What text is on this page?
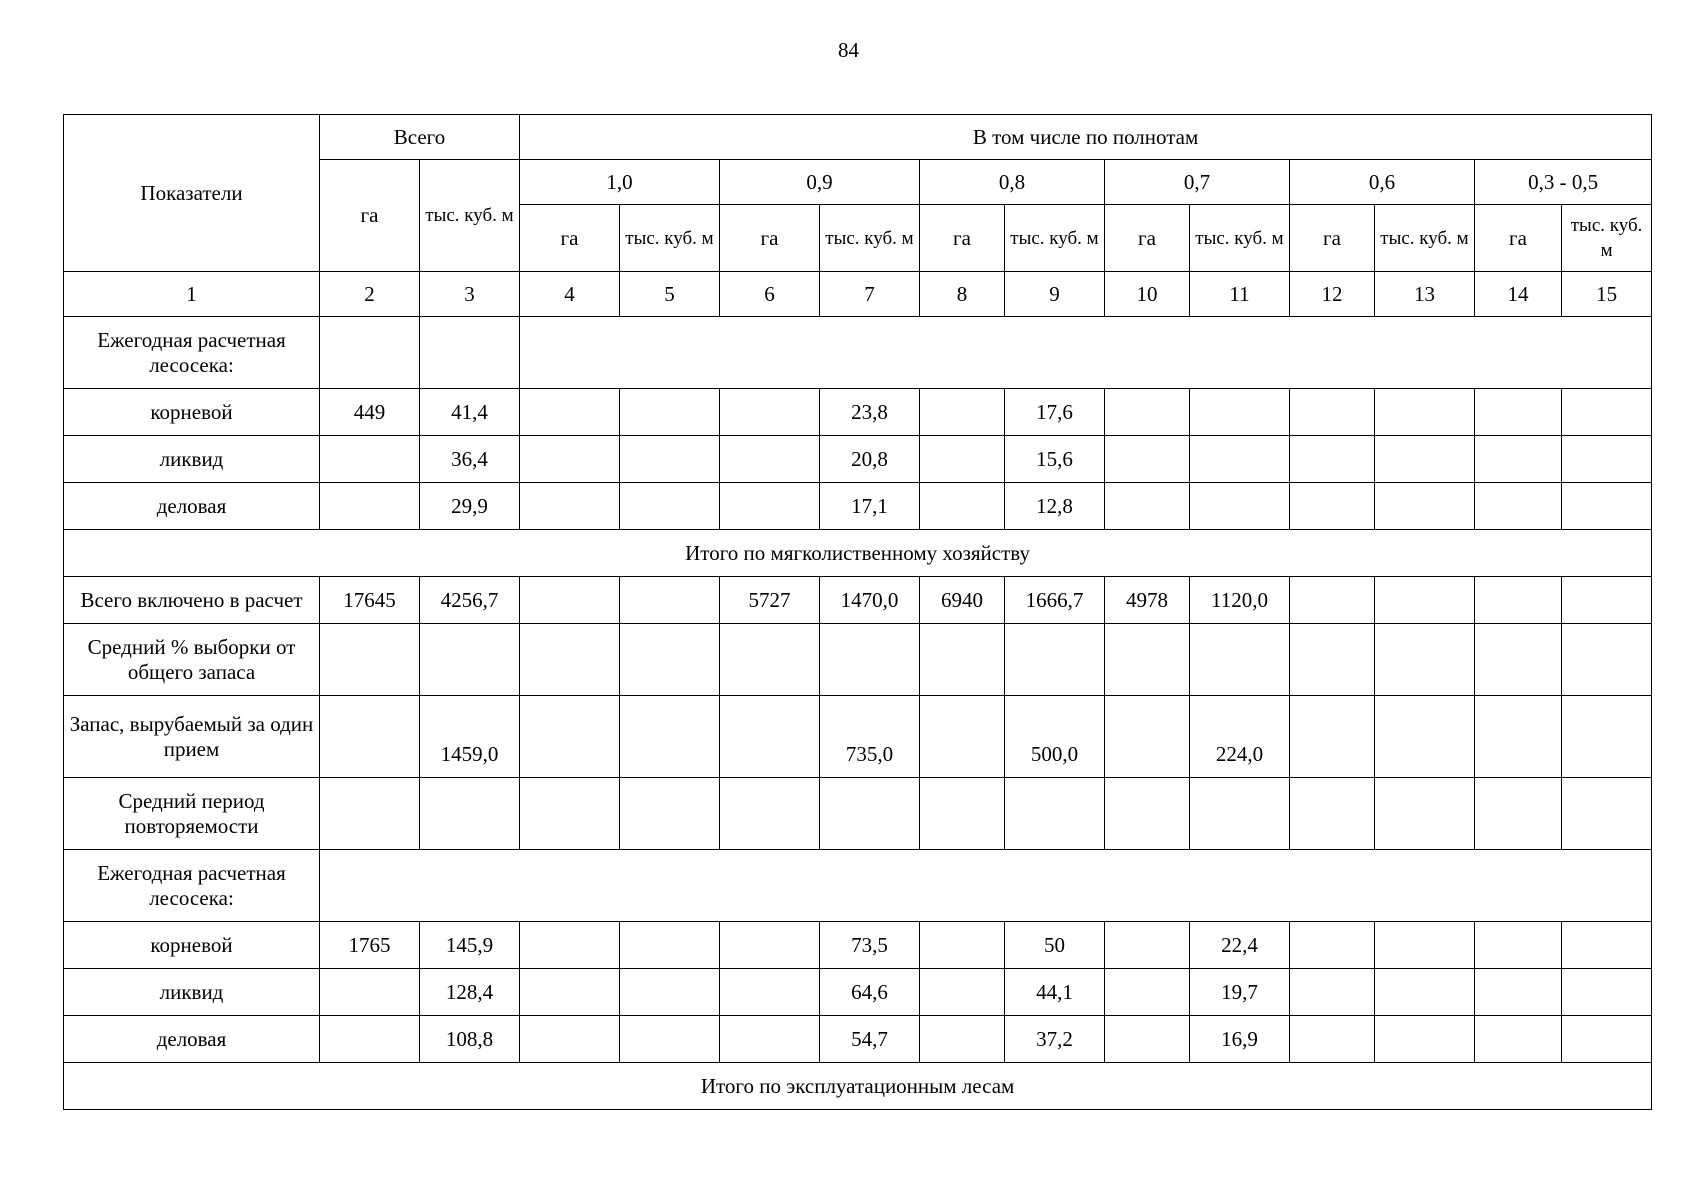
84
Показатели	Всего		В том числе по полнотам											
	га	тыс. куб. м	1,0		0,9		0,8		0,7		0,6		0,3 - 0,5	
			га	тыс. куб. м	га	тыс. куб. м	га	тыс. куб. м	га	тыс. куб. м	га	тыс. куб. м	га	тыс. куб. м
1	2	3	4	5	6	7	8	9	10	11	12	13	14	15
Ежегодная расчетная лесосека:														
корневой	449	41,4				23,8		17,6						
ликвид		36,4				20,8		15,6						
деловая		29,9				17,1		12,8						
Итого по мягколиственному хозяйству														
Всего включено в расчет	17645	4256,7			5727	1470,0	6940	1666,7	4978	1120,0				
Средний % выборки от общего запаса														
Запас, вырубаемый за один прием		1459,0				735,0		500,0		224,0				
Средний период повторяемости														
Ежегодная расчетная лесосека:														
корневой	1765	145,9				73,5		50		22,4				
ликвид		128,4				64,6		44,1		19,7				
деловая		108,8				54,7		37,2		16,9				
Итого по эксплуатационным лесам														
